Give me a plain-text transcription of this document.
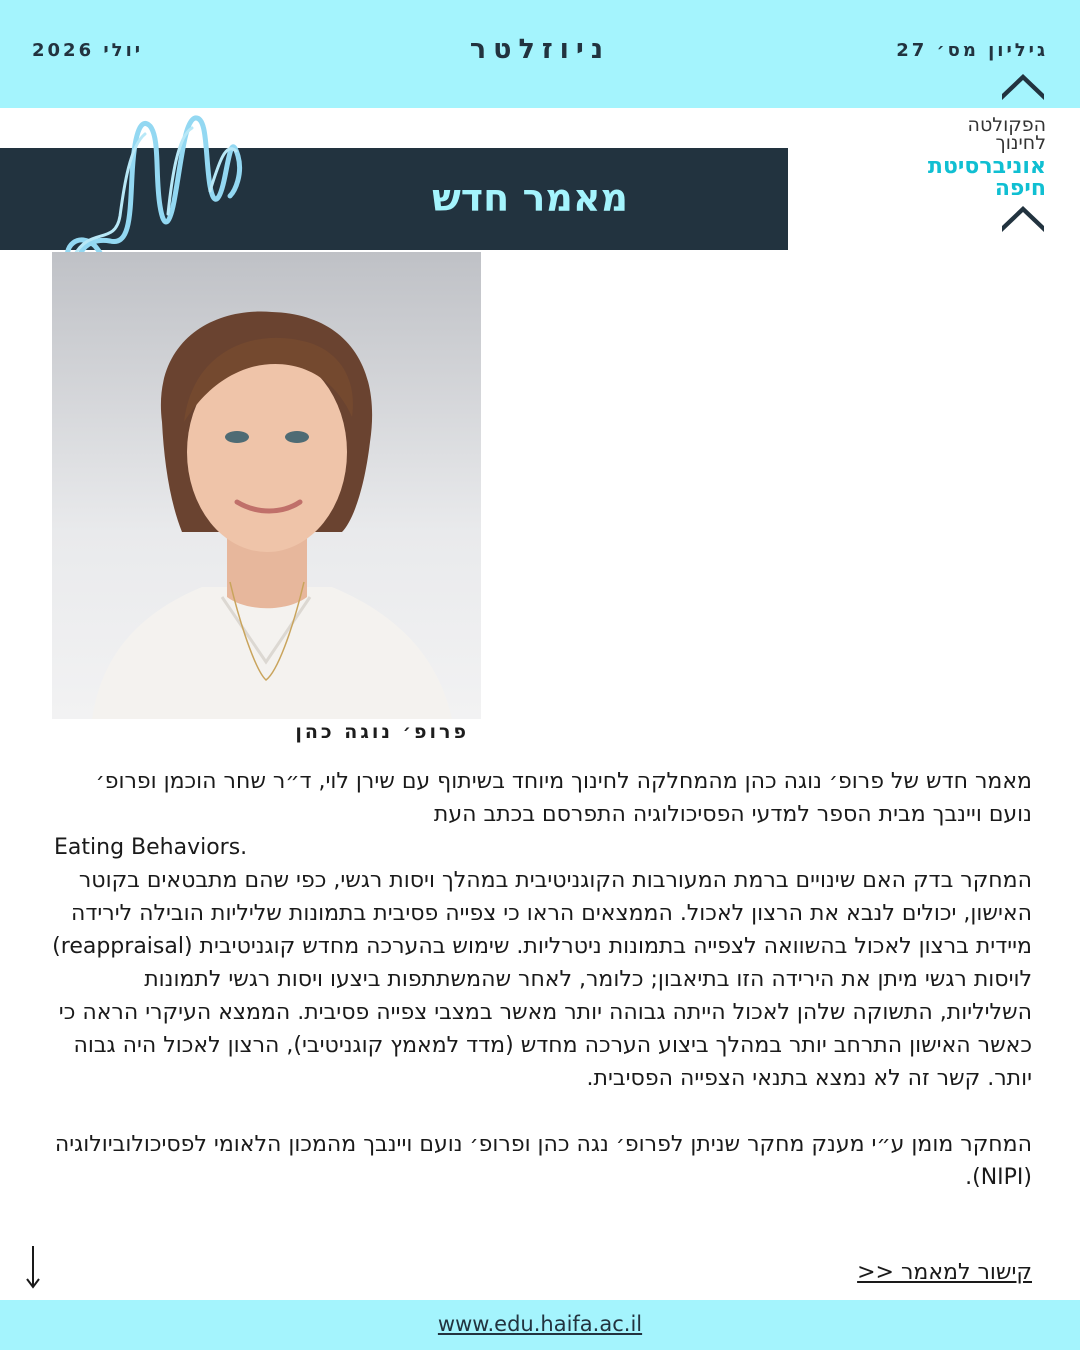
גיליון מס׳ 27
ניוזלטר
יולי 2026
הפקולטה
לחינוך
אוניברסיטת
חיפה
מאמר חדש
פרופ׳ נוגה כהן

מאמר חדש של פרופ׳ נוגה כהן מהמחלקה לחינוך מיוחד בשיתוף עם שירן לוי, ד״ר שחר הוכמן ופרופ׳ נועם ויינבך מבית הספר למדעי הפסיכולוגיה התפרסם בכתב העת

Eating Behaviors.

המחקר בדק האם שינויים ברמת המעורבות הקוגניטיבית במהלך ויסות רגשי, כפי שהם מתבטאים בקוטר האישון, יכולים לנבא את הרצון לאכול. הממצאים הראו כי צפייה פסיבית בתמונות שליליות הובילה לירידה מיידית ברצון לאכול בהשוואה לצפייה בתמונות ניטרליות. שימוש בהערכה מחדש קוגניטיבית (reappraisal) לויסות רגשי מיתן את הירידה הזו בתיאבון; כלומר, לאחר שהמשתתפות ביצעו ויסות רגשי לתמונות השליליות, התשוקה שלהן לאכול הייתה גבוהה יותר מאשר במצבי צפייה פסיבית. הממצא העיקרי הראה כי כאשר האישון התרחב יותר במהלך ביצוע הערכה מחדש (מדד למאמץ קוגניטיבי), הרצון לאכול היה גבוה יותר. קשר זה לא נמצא בתנאי הצפייה הפסיבית.

המחקר מומן ע״י מענק מחקר שניתן לפרופ׳ נגה כהן ופרופ׳ נועם ויינבך מהמכון הלאומי לפסיכולוביולוגיה (NIPI).

קישור למאמר <<
www.edu.haifa.ac.il
